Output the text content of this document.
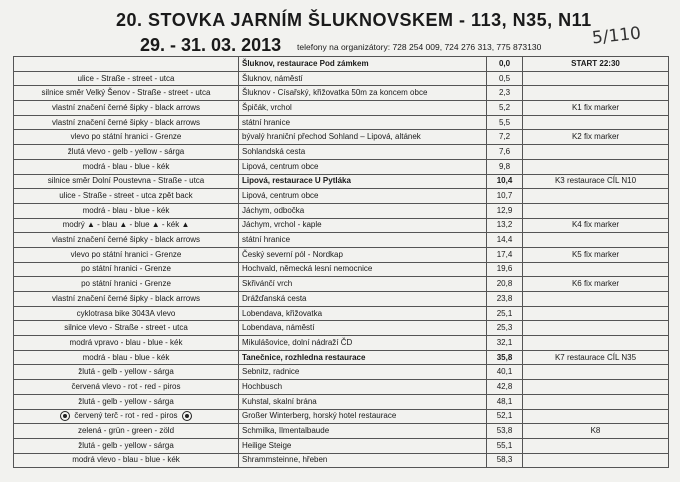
20. STOVKA JARNÍM ŠLUKNOVSKEM - 113, N35, N11
29. - 31. 03. 2013 telefony na organizátory: 728 254 009, 724 276 313, 775 873130	5/110
	Šluknov, restaurace Pod zámkem	0,0	START 22:30
ulice - Straße - street - utca	Šluknov, náměstí	0,5	
silnice směr Velký Šenov - Straße - street - utca	Šluknov - Císařský, křižovatka 50m za koncem obce	2,3	
vlastní značení černé šipky - black arrows	Špičák, vrchol	5,2	K1 fix marker
vlastní značení černé šipky - black arrows	státní hranice	5,5	
vlevo po státní hranici - Grenze	bývalý hraniční přechod Sohland – Lipová, altánek	7,2	K2 fix marker
žlutá vlevo - gelb - yellow - sárga	Sohlandská cesta	7,6	
modrá - blau - blue - kék	Lipová, centrum obce	9,8	
silnice směr Dolní Poustevna - Straße - utca	Lipová, restaurace U Pytláka	10,4	K3 restaurace CÍL N10
ulice - Straße - street - utca zpět back	Lipová, centrum obce	10,7	
modrá - blau - blue - kék	Jáchym, odbočka	12,9	
modrý ▲ - blau ▲ - blue ▲ - kék ▲	Jáchym, vrchol - kaple	13,2	K4 fix marker
vlastní značení černé šipky - black arrows	státní hranice	14,4	
vlevo po státní hranici - Grenze	Český severní pól - Nordkap	17,4	K5 fix marker
po státní hranici - Grenze	Hochvald, německá lesní nemocnice	19,6	
po státní hranici - Grenze	Skřivánčí vrch	20,8	K6 fix marker
vlastní značení černé šipky - black arrows	Drážďanská cesta	23,8	
cyklotrasa bike 3043A vlevo	Lobendava, křižovatka	25,1	
silnice vlevo - Straße - street - utca	Lobendava, náměstí	25,3	
modrá vpravo - blau - blue - kék	Mikulášovice, dolní nádraží ČD	32,1	
modrá - blau - blue - kék	Tanečnice, rozhledna restaurace	35,8	K7 restaurace CÍL N35
žlutá - gelb - yellow - sárga	Sebnitz, radnice	40,1	
červená vlevo - rot - red - piros	Hochbusch	42,8	
žlutá - gelb - yellow - sárga	Kuhstal, skalní brána	48,1	
červený terč - rot - red - piros	Großer Winterberg, horský hotel restaurace	52,1	
zelená - grün - green - zöld	Schmilka, Ilmentalbaude	53,8	K8
žlutá - gelb - yellow - sárga	Heilige Steige	55,1	
modrá vlevo - blau - blue - kék	Shrammsteinne, hřeben	58,3	
